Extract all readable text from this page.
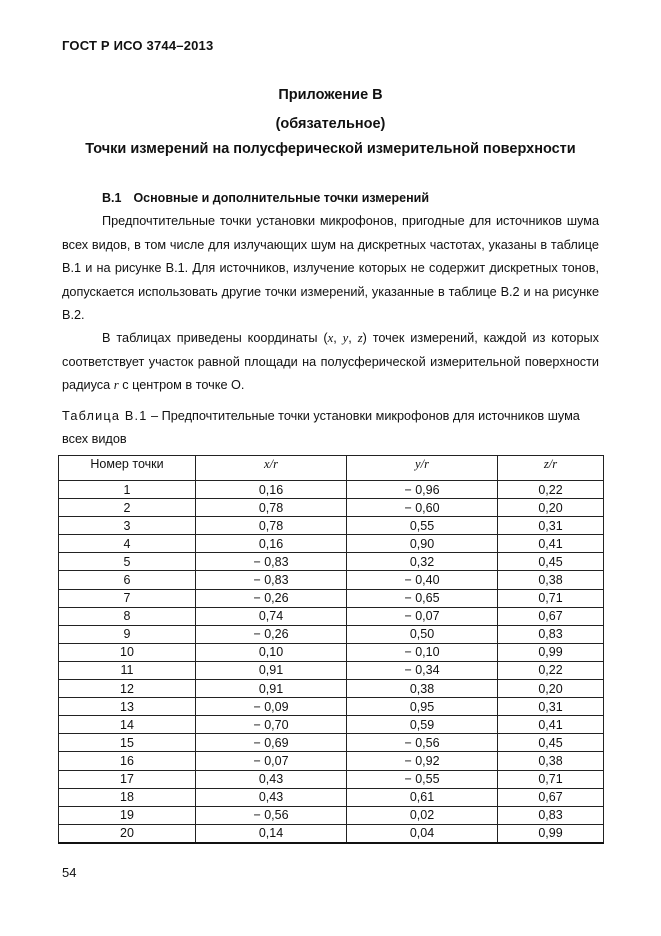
ГОСТ Р ИСО 3744–2013
Приложение В
(обязательное)
Точки измерений на полусферической измерительной поверхности
В.1 Основные и дополнительные точки измерений
Предпочтительные точки установки микрофонов, пригодные для источников шума всех видов, в том числе для излучающих шум на дискретных частотах, указаны в таблице В.1 и на рисунке В.1. Для источников, излучение которых не содержит дискретных тонов, допускается использовать другие точки измерений, указанные в таблице В.2 и на рисунке В.2.
В таблицах приведены координаты (x, y, z) точек измерений, каждой из которых соответствует участок равной площади на полусферической измерительной поверхности радиуса r с центром в точке О.
Таблица В.1 – Предпочтительные точки установки микрофонов для источников шума всех видов
Номер точки	x/r	y/r	z/r
1	0,16	− 0,96	0,22
2	0,78	− 0,60	0,20
3	0,78	0,55	0,31
4	0,16	0,90	0,41
5	− 0,83	0,32	0,45
6	− 0,83	− 0,40	0,38
7	− 0,26	− 0,65	0,71
8	0,74	− 0,07	0,67
9	− 0,26	0,50	0,83
10	0,10	− 0,10	0,99
11	0,91	− 0,34	0,22
12	0,91	0,38	0,20
13	− 0,09	0,95	0,31
14	− 0,70	0,59	0,41
15	− 0,69	− 0,56	0,45
16	− 0,07	− 0,92	0,38
17	0,43	− 0,55	0,71
18	0,43	0,61	0,67
19	− 0,56	0,02	0,83
20	0,14	0,04	0,99
54
